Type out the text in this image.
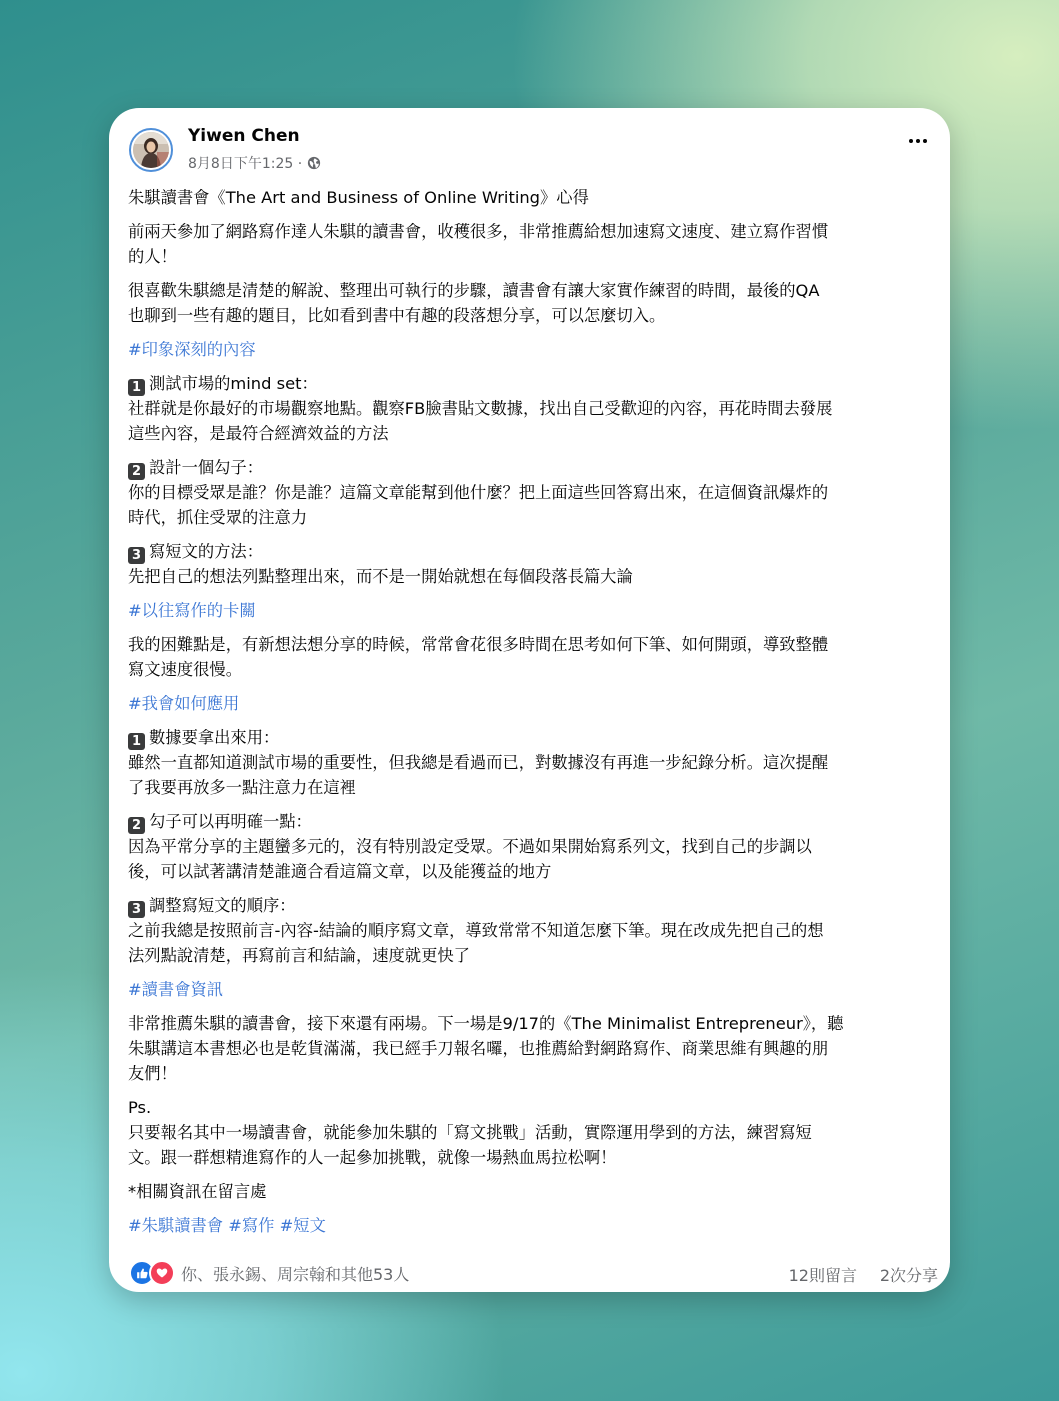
Yiwen Chen
8月8日下午1:25 ·

朱騏讀書會《The Art and Business of Online Writing》心得

前兩天參加了網路寫作達人朱騏的讀書會，收穫很多，非常推薦給想加速寫文速度、建立寫作習慣
的人！

很喜歡朱騏總是清楚的解說、整理出可執行的步驟，讀書會有讓大家實作練習的時間，最後的QA
也聊到一些有趣的題目，比如看到書中有趣的段落想分享，可以怎麼切入。

#印象深刻的內容

1 測試市場的mind set：
社群就是你最好的市場觀察地點。觀察FB臉書貼文數據，找出自己受歡迎的內容，再花時間去發展
這些內容，是最符合經濟效益的方法

2 設計一個勾子：
你的目標受眾是誰？你是誰？這篇文章能幫到他什麼？把上面這些回答寫出來，在這個資訊爆炸的
時代，抓住受眾的注意力

3 寫短文的方法：
先把自己的想法列點整理出來，而不是一開始就想在每個段落長篇大論

#以往寫作的卡關

我的困難點是，有新想法想分享的時候，常常會花很多時間在思考如何下筆、如何開頭，導致整體
寫文速度很慢。

#我會如何應用

1 數據要拿出來用：
雖然一直都知道測試市場的重要性，但我總是看過而已，對數據沒有再進一步紀錄分析。這次提醒
了我要再放多一點注意力在這裡

2 勾子可以再明確一點：
因為平常分享的主題蠻多元的，沒有特別設定受眾。不過如果開始寫系列文，找到自己的步調以
後，可以試著講清楚誰適合看這篇文章，以及能獲益的地方

3 調整寫短文的順序：
之前我總是按照前言-內容-結論的順序寫文章，導致常常不知道怎麼下筆。現在改成先把自己的想
法列點說清楚，再寫前言和結論，速度就更快了

#讀書會資訊

非常推薦朱騏的讀書會，接下來還有兩場。下一場是9/17的《The Minimalist Entrepreneur》，聽
朱騏講這本書想必也是乾貨滿滿，我已經手刀報名囉，也推薦給對網路寫作、商業思維有興趣的朋
友們！

Ps.
只要報名其中一場讀書會，就能參加朱騏的「寫文挑戰」活動，實際運用學到的方法，練習寫短
文。跟一群想精進寫作的人一起參加挑戰，就像一場熱血馬拉松啊！

*相關資訊在留言處

#朱騏讀書會 #寫作 #短文

你、張永錫、周宗翰和其他53人	12則留言 2次分享
